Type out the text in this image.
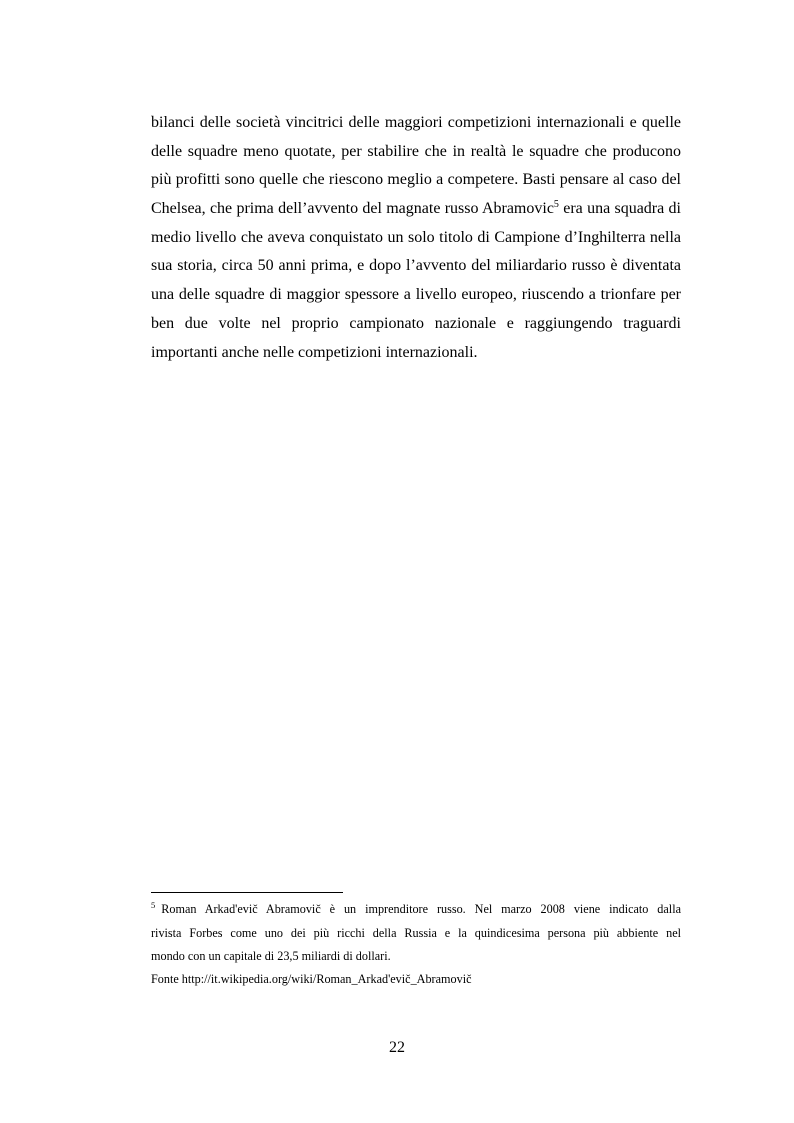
bilanci delle società vincitrici delle maggiori competizioni internazionali e quelle
delle squadre meno quotate, per stabilire che in realtà le squadre che producono
più profitti sono quelle che riescono meglio a competere. Basti pensare al caso del
Chelsea, che prima dell’avvento del magnate russo Abramovic$^5$ era una squadra di
medio livello che aveva conquistato un solo titolo di Campione d’Inghilterra nella
sua storia, circa 50 anni prima, e dopo l’avvento del miliardario russo è diventata
una delle squadre di maggior spessore a livello europeo, riuscendo a trionfare per
ben due volte nel proprio campionato nazionale e raggiungendo traguardi
importanti anche nelle competizioni internazionali.
$^5$ Roman Arkad'evič Abramovič è un imprenditore russo. Nel marzo 2008 viene indicato dalla
rivista Forbes come uno dei più ricchi della Russia e la quindicesima persona più abbiente nel
mondo con un capitale di 23,5 miliardi di dollari.
Fonte http://it.wikipedia.org/wiki/Roman_Arkad'evič_Abramovič
22
